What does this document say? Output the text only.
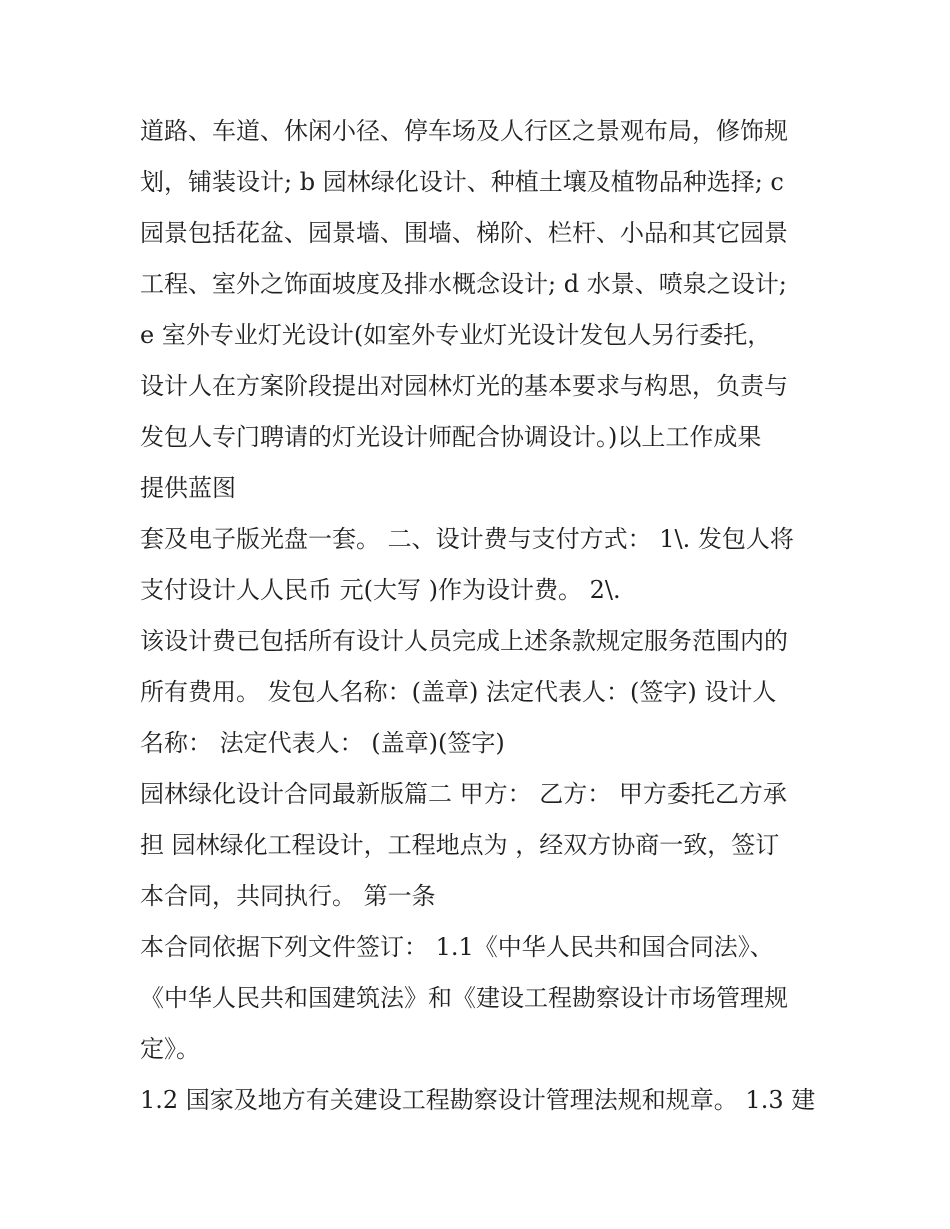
道路、车道、休闲小径、停车场及人行区之景观布局，修饰规
划，铺装设计; b 园林绿化设计、种植土壤及植物品种选择; c
园景包括花盆、园景墙、围墙、梯阶、栏杆、小品和其它园景
工程、室外之饰面坡度及排水概念设计; d 水景、喷泉之设计;
e 室外专业灯光设计(如室外专业灯光设计发包人另行委托，
设计人在方案阶段提出对园林灯光的基本要求与构思，负责与
发包人专门聘请的灯光设计师配合协调设计。)以上工作成果
提供蓝图
套及电子版光盘一套。 二、设计费与支付方式： 1\. 发包人将
支付设计人人民币 元(大写 )作为设计费。 2\.
该设计费已包括所有设计人员完成上述条款规定服务范围内的
所有费用。 发包人名称：(盖章) 法定代表人：(签字) 设计人
名称： 法定代表人： (盖章)(签字)
园林绿化设计合同最新版篇二 甲方： 乙方： 甲方委托乙方承
担 园林绿化工程设计，工程地点为 ，经双方协商一致，签订
本合同，共同执行。 第一条
本合同依据下列文件签订： 1.1《中华人民共和国合同法》、
《中华人民共和国建筑法》和《建设工程勘察设计市场管理规
定》。
1.2 国家及地方有关建设工程勘察设计管理法规和规章。 1.3 建
